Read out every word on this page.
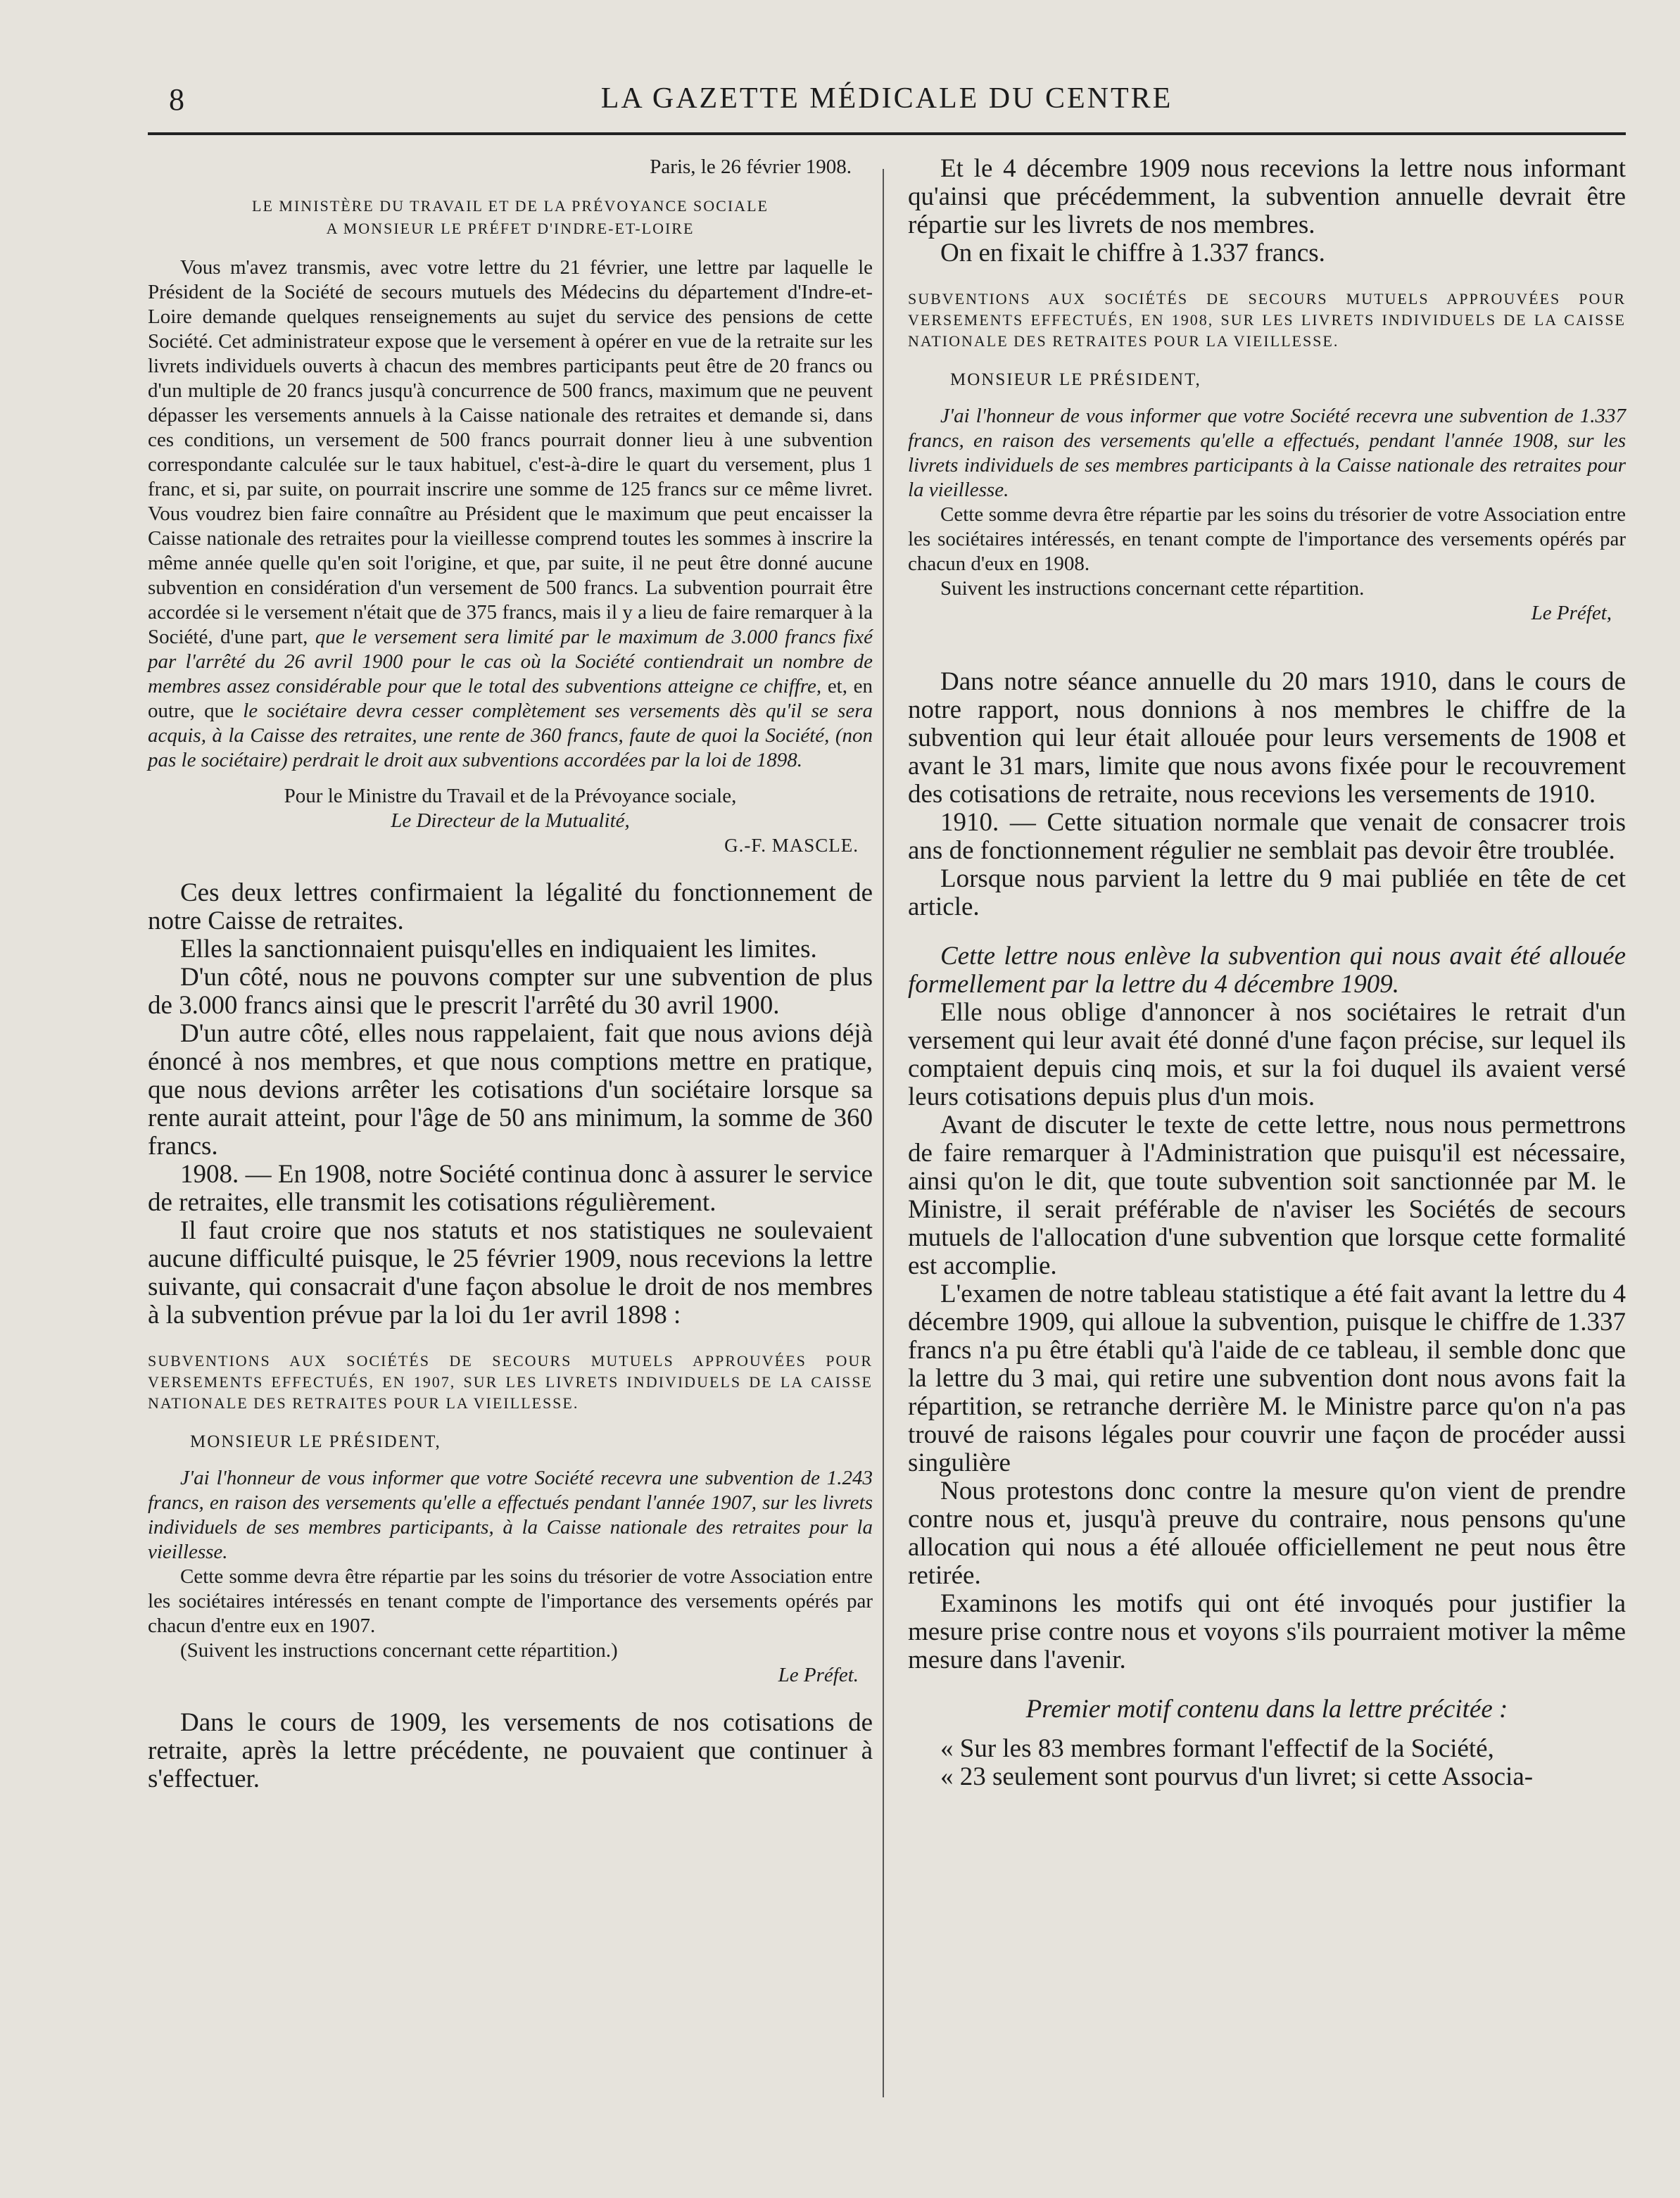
8	LA GAZETTE MÉDICALE DU CENTRE

Paris, le 26 février 1908.

LE MINISTÈRE DU TRAVAIL ET DE LA PRÉVOYANCE SOCIALE
A MONSIEUR LE PRÉFET D'INDRE-ET-LOIRE

Vous m'avez transmis, avec votre lettre du 21 février, une lettre par laquelle le Président de la Société de secours mutuels des Médecins du département d'Indre-et-Loire demande quelques renseignements au sujet du service des pensions de cette Société. Cet administrateur expose que le versement à opérer en vue de la retraite sur les livrets individuels ouverts à chacun des membres participants peut être de 20 francs ou d'un multiple de 20 francs jusqu'à concurrence de 500 francs, maximum que ne peuvent dépasser les versements annuels à la Caisse nationale des retraites et demande si, dans ces conditions, un versement de 500 francs pourrait donner lieu à une subvention correspondante calculée sur le taux habituel, c'est-à-dire le quart du versement, plus 1 franc, et si, par suite, on pourrait inscrire une somme de 125 francs sur ce même livret. Vous voudrez bien faire connaître au Président que le maximum que peut encaisser la Caisse nationale des retraites pour la vieillesse comprend toutes les sommes à inscrire la même année quelle qu'en soit l'origine, et que, par suite, il ne peut être donné aucune subvention en considération d'un versement de 500 francs. La subvention pourrait être accordée si le versement n'était que de 375 francs, mais il y a lieu de faire remarquer à la Société, d'une part, que le versement sera limité par le maximum de 3.000 francs fixé par l'arrêté du 26 avril 1900 pour le cas où la Société contiendrait un nombre de membres assez considérable pour que le total des subventions atteigne ce chiffre, et, en outre, que le sociétaire devra cesser complètement ses versements dès qu'il se sera acquis, à la Caisse des retraites, une rente de 360 francs, faute de quoi la Société, (non pas le sociétaire) perdrait le droit aux subventions accordées par la loi de 1898.

Pour le Ministre du Travail et de la Prévoyance sociale,

Le Directeur de la Mutualité,

G.-F. MASCLE.

Ces deux lettres confirmaient la légalité du fonctionnement de notre Caisse de retraites.

Elles la sanctionnaient puisqu'elles en indiquaient les limites.

D'un côté, nous ne pouvons compter sur une subvention de plus de 3.000 francs ainsi que le prescrit l'arrêté du 30 avril 1900.

D'un autre côté, elles nous rappelaient, fait que nous avions déjà énoncé à nos membres, et que nous comptions mettre en pratique, que nous devions arrêter les cotisations d'un sociétaire lorsque sa rente aurait atteint, pour l'âge de 50 ans minimum, la somme de 360 francs.

1908. — En 1908, notre Société continua donc à assurer le service de retraites, elle transmit les cotisations régulièrement.

Il faut croire que nos statuts et nos statistiques ne soulevaient aucune difficulté puisque, le 25 février 1909, nous recevions la lettre suivante, qui consacrait d'une façon absolue le droit de nos membres à la subvention prévue par la loi du 1er avril 1898 :

SUBVENTIONS AUX SOCIÉTÉS DE SECOURS MUTUELS APPROUVÉES POUR VERSEMENTS EFFECTUÉS, EN 1907, SUR LES LIVRETS INDIVIDUELS DE LA CAISSE NATIONALE DES RETRAITES POUR LA VIEILLESSE.

MONSIEUR LE PRÉSIDENT,

J'ai l'honneur de vous informer que votre Société recevra une subvention de 1.243 francs, en raison des versements qu'elle a effectués pendant l'année 1907, sur les livrets individuels de ses membres participants, à la Caisse nationale des retraites pour la vieillesse.

Cette somme devra être répartie par les soins du trésorier de votre Association entre les sociétaires intéressés en tenant compte de l'importance des versements opérés par chacun d'entre eux en 1907.

(Suivent les instructions concernant cette répartition.)

Le Préfet.

Dans le cours de 1909, les versements de nos cotisations de retraite, après la lettre précédente, ne pouvaient que continuer à s'effectuer.

Et le 4 décembre 1909 nous recevions la lettre nous informant qu'ainsi que précédemment, la subvention annuelle devrait être répartie sur les livrets de nos membres.

On en fixait le chiffre à 1.337 francs.

SUBVENTIONS AUX SOCIÉTÉS DE SECOURS MUTUELS APPROUVÉES POUR VERSEMENTS EFFECTUÉS, EN 1908, SUR LES LIVRETS INDIVIDUELS DE LA CAISSE NATIONALE DES RETRAITES POUR LA VIEILLESSE.

MONSIEUR LE PRÉSIDENT,

J'ai l'honneur de vous informer que votre Société recevra une subvention de 1.337 francs, en raison des versements qu'elle a effectués, pendant l'année 1908, sur les livrets individuels de ses membres participants à la Caisse nationale des retraites pour la vieillesse.

Cette somme devra être répartie par les soins du trésorier de votre Association entre les sociétaires intéressés, en tenant compte de l'importance des versements opérés par chacun d'eux en 1908.

Suivent les instructions concernant cette répartition.

Le Préfet,

Dans notre séance annuelle du 20 mars 1910, dans le cours de notre rapport, nous donnions à nos membres le chiffre de la subvention qui leur était allouée pour leurs versements de 1908 et avant le 31 mars, limite que nous avons fixée pour le recouvrement des cotisations de retraite, nous recevions les versements de 1910.

1910. — Cette situation normale que venait de consacrer trois ans de fonctionnement régulier ne semblait pas devoir être troublée.

Lorsque nous parvient la lettre du 9 mai publiée en tête de cet article.

Cette lettre nous enlève la subvention qui nous avait été allouée formellement par la lettre du 4 décembre 1909.

Elle nous oblige d'annoncer à nos sociétaires le retrait d'un versement qui leur avait été donné d'une façon précise, sur lequel ils comptaient depuis cinq mois, et sur la foi duquel ils avaient versé leurs cotisations depuis plus d'un mois.

Avant de discuter le texte de cette lettre, nous nous permettrons de faire remarquer à l'Administration que puisqu'il est nécessaire, ainsi qu'on le dit, que toute subvention soit sanctionnée par M. le Ministre, il serait préférable de n'aviser les Sociétés de secours mutuels de l'allocation d'une subvention que lorsque cette formalité est accomplie.

L'examen de notre tableau statistique a été fait avant la lettre du 4 décembre 1909, qui alloue la subvention, puisque le chiffre de 1.337 francs n'a pu être établi qu'à l'aide de ce tableau, il semble donc que la lettre du 3 mai, qui retire une subvention dont nous avons fait la répartition, se retranche derrière M. le Ministre parce qu'on n'a pas trouvé de raisons légales pour couvrir une façon de procéder aussi singulière

Nous protestons donc contre la mesure qu'on vient de prendre contre nous et, jusqu'à preuve du contraire, nous pensons qu'une allocation qui nous a été allouée officiellement ne peut nous être retirée.

Examinons les motifs qui ont été invoqués pour justifier la mesure prise contre nous et voyons s'ils pourraient motiver la même mesure dans l'avenir.

Premier motif contenu dans la lettre précitée :

« Sur les 83 membres formant l'effectif de la Société,

« 23 seulement sont pourvus d'un livret; si cette Associa-
